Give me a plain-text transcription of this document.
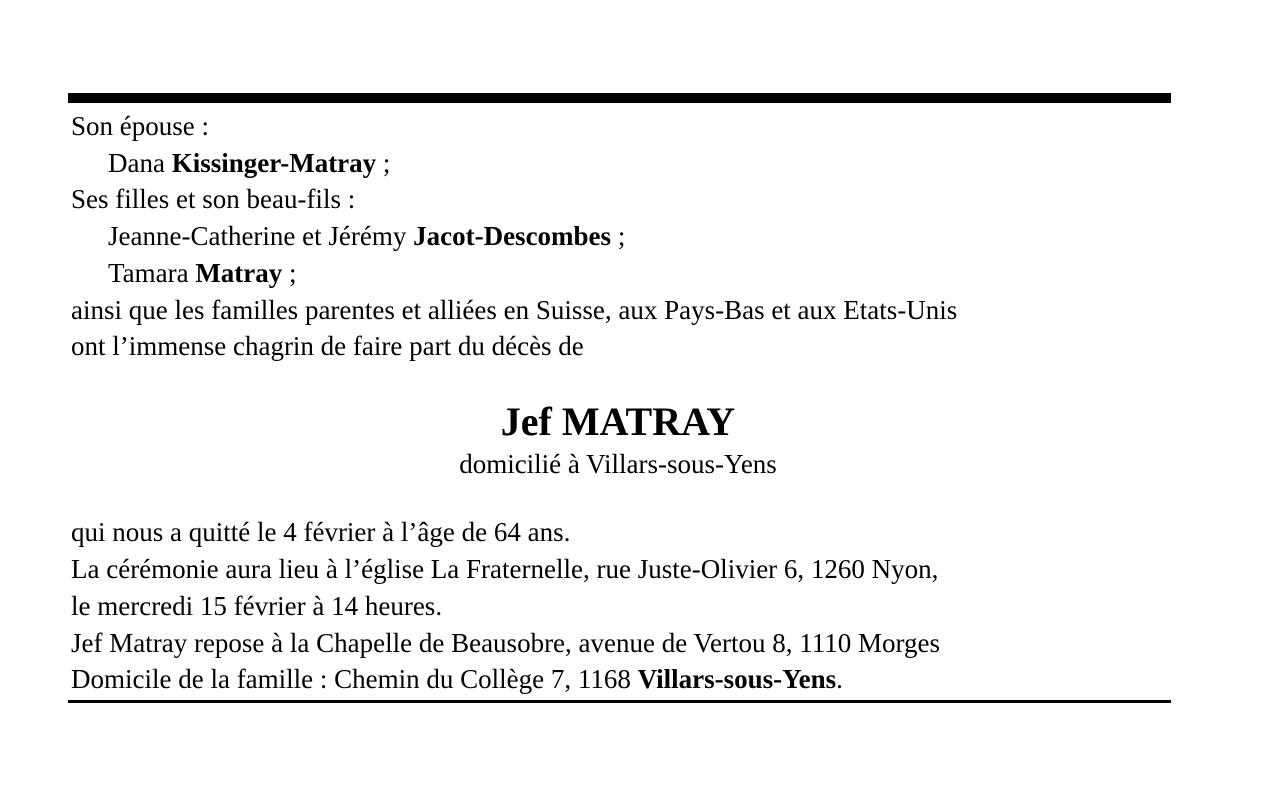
Son épouse :
Dana Kissinger-Matray ;
Ses filles et son beau-fils :
Jeanne-Catherine et Jérémy Jacot-Descombes ;
Tamara Matray ;
ainsi que les familles parentes et alliées en Suisse, aux Pays-Bas et aux Etats-Unis
ont l’immense chagrin de faire part du décès de
Jef MATRAY
domicilié à Villars-sous-Yens
qui nous a quitté le 4 février à l’âge de 64 ans.
La cérémonie aura lieu à l’église La Fraternelle, rue Juste-Olivier 6, 1260 Nyon,
le mercredi 15 février à 14 heures.
Jef Matray repose à la Chapelle de Beausobre, avenue de Vertou 8, 1110 Morges
Domicile de la famille : Chemin du Collège 7, 1168 Villars-sous-Yens.
